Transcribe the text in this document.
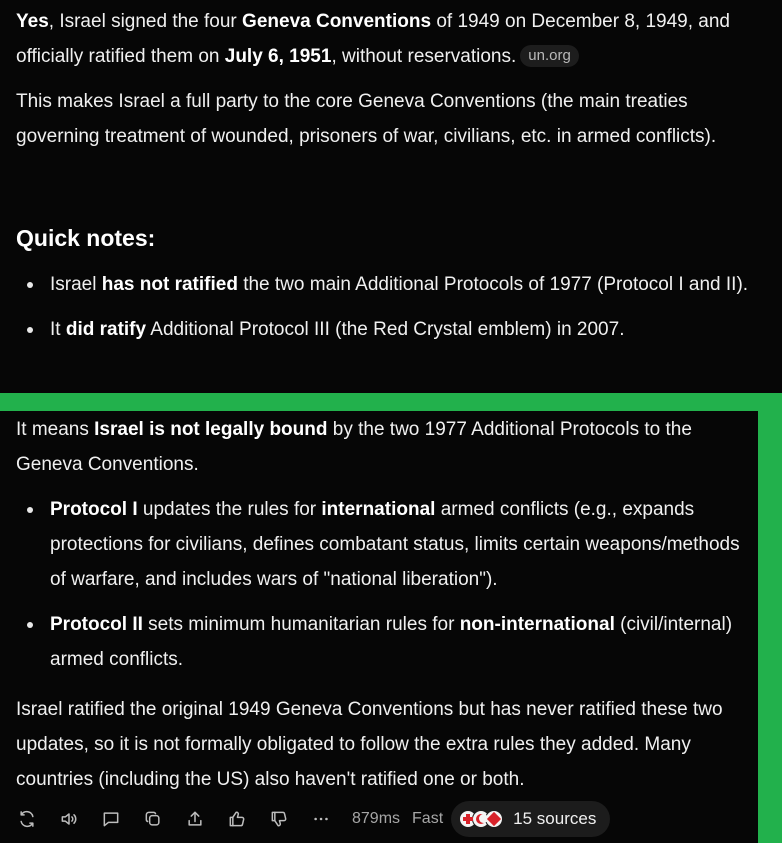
Yes, Israel signed the four Geneva Conventions of 1949 on December 8, 1949, and officially ratified them on July 6, 1951, without reservations. un.org

This makes Israel a full party to the core Geneva Conventions (the main treaties governing treatment of wounded, prisoners of war, civilians, etc. in armed conflicts).

Quick notes:
Israel has not ratified the two main Additional Protocols of 1977 (Protocol I and II).
It did ratify Additional Protocol III (the Red Crystal emblem) in 2007.

It means Israel is not legally bound by the two 1977 Additional Protocols to the Geneva Conventions.

Protocol I updates the rules for international armed conflicts (e.g., expands protections for civilians, defines combatant status, limits certain weapons/methods of warfare, and includes wars of "national liberation").
Protocol II sets minimum humanitarian rules for non-international (civil/internal) armed conflicts.

Israel ratified the original 1949 Geneva Conventions but has never ratified these two updates, so it is not formally obligated to follow the extra rules they added. Many countries (including the US) also haven't ratified one or both.

879ms Fast	15 sources
